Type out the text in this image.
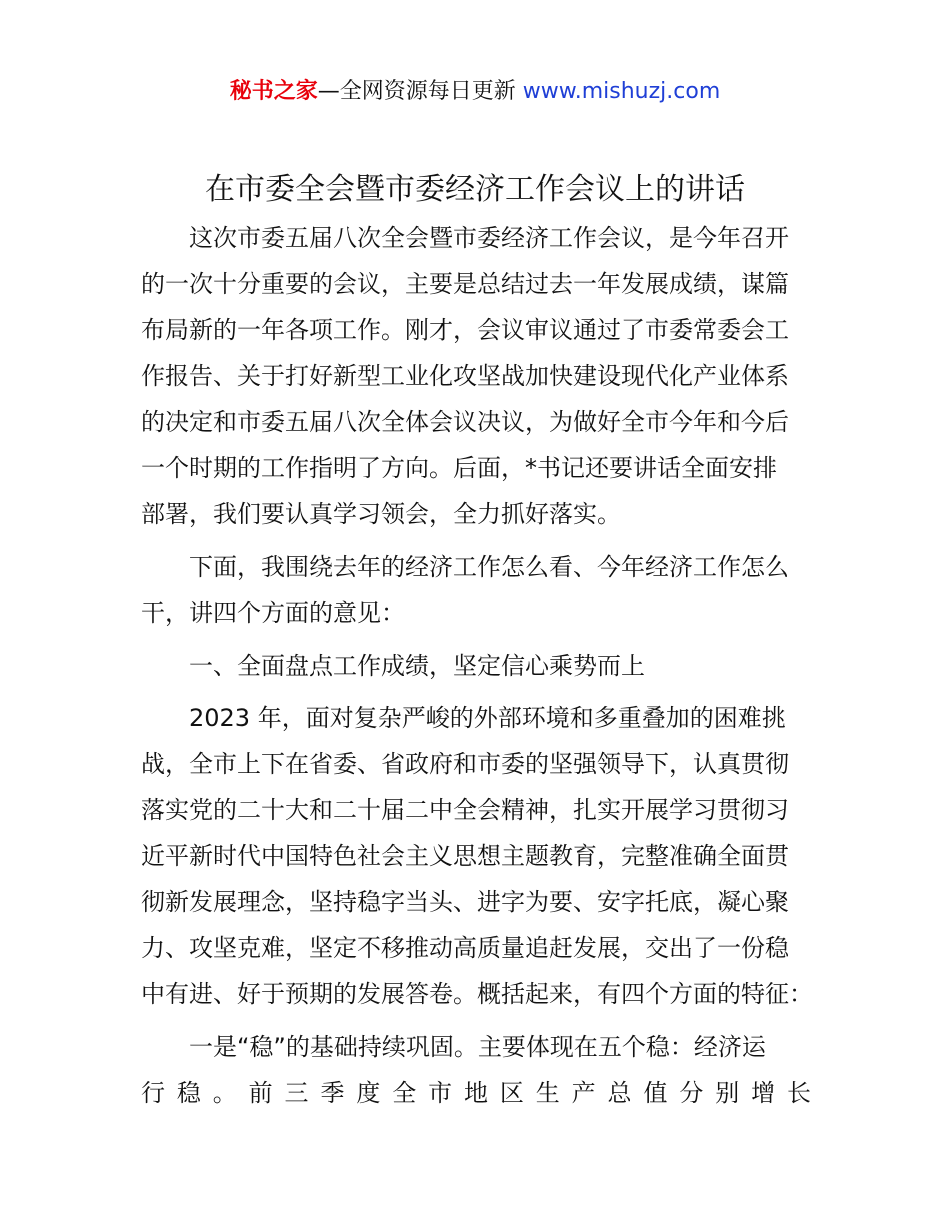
秘书之家—全网资源每日更新 www.mishuzj.com
在市委全会暨市委经济工作会议上的讲话
这次市委五届八次全会暨市委经济工作会议，是今年召开
的一次十分重要的会议，主要是总结过去一年发展成绩，谋篇
布局新的一年各项工作。刚才，会议审议通过了市委常委会工
作报告、关于打好新型工业化攻坚战加快建设现代化产业体系
的决定和市委五届八次全体会议决议，为做好全市今年和今后
一个时期的工作指明了方向。后面，*书记还要讲话全面安排
部署，我们要认真学习领会，全力抓好落实。
下面，我围绕去年的经济工作怎么看、今年经济工作怎么
干，讲四个方面的意见：
一、全面盘点工作成绩，坚定信心乘势而上
2023 年，面对复杂严峻的外部环境和多重叠加的困难挑
战，全市上下在省委、省政府和市委的坚强领导下，认真贯彻
落实党的二十大和二十届二中全会精神，扎实开展学习贯彻习
近平新时代中国特色社会主义思想主题教育，完整准确全面贯
彻新发展理念，坚持稳字当头、进字为要、安字托底，凝心聚
力、攻坚克难，坚定不移推动高质量追赶发展，交出了一份稳
中有进、好于预期的发展答卷。概括起来，有四个方面的特征：
一是“稳”的基础持续巩固。主要体现在五个稳：经济运
行稳。前三季度全市地区生产总值分别增长
